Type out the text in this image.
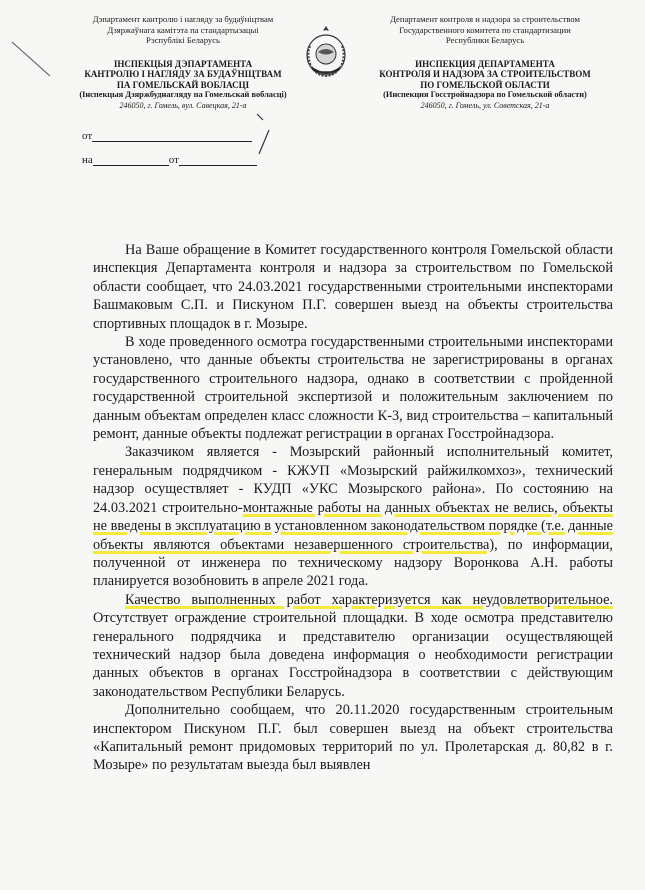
Дэпартамент кантролю і нагляду за будаўніцтвам
Дзяржаўнага камітэта па стандартызацыі
Рэспублікі Беларусь
ІНСПЕКЦЫЯ ДЭПАРТАМЕНТА
КАНТРОЛЮ І НАГЛЯДУ ЗА БУДАЎНІЦТВАМ
ПА ГОМЕЛЬСКАЙ ВОБЛАСЦІ
(Інспекцыя Дзяржбуднагляду па Гомельскай вобласці)
246050, г. Гомель, вул. Савецкая, 21-а
Департамент контроля и надзора за строительством
Государственного комитета по стандартизации
Республики Беларусь
ИНСПЕКЦИЯ ДЕПАРТАМЕНТА
КОНТРОЛЯ И НАДЗОРА ЗА СТРОИТЕЛЬСТВОМ
ПО ГОМЕЛЬСКОЙ ОБЛАСТИ
(Инспекция Госстройнадзора по Гомельской области)
246050, г. Гомель, ул. Советская, 21-а
от
на	от

На Ваше обращение в Комитет государственного контроля Гомельской области инспекция Департамента контроля и надзора за строительством по Гомельской области сообщает, что 24.03.2021 государственными строительными инспекторами Башмаковым С.П. и Пискуном П.Г. совершен выезд на объекты строительства спортивных площадок в г. Мозыре.

В ходе проведенного осмотра государственными строительными инспекторами установлено, что данные объекты строительства не зарегистрированы в органах государственного строительного надзора, однако в соответствии с пройденной государственной строительной экспертизой и положительным заключением по данным объектам определен класс сложности К-3, вид строительства – капитальный ремонт, данные объекты подлежат регистрации в органах Госстройнадзора.

Заказчиком является - Мозырский районный исполнительный комитет, генеральным подрядчиком - КЖУП «Мозырский райжилкомхоз», технический надзор осуществляет - КУДП «УКС Мозырского района». По состоянию на 24.03.2021 строительно-монтажные работы на данных объектах не велись, объекты не введены в эксплуатацию в установленном законодательством порядке (т.е. данные объекты являются объектами незавершенного строительства), по информации, полученной от инженера по техническому надзору Воронкова А.Н. работы планируется возобновить в апреле 2021 года.

Качество выполненных работ характеризуется как неудовлетворительное. Отсутствует ограждение строительной площадки. В ходе осмотра представителю генерального подрядчика и представителю организации осуществляющей технический надзор была доведена информация о необходимости регистрации данных объектов в органах Госстройнадзора в соответствии с действующим законодательством Республики Беларусь.

Дополнительно сообщаем, что 20.11.2020 государственным строительным инспектором Пискуном П.Г. был совершен выезд на объект строительства «Капитальный ремонт придомовых территорий по ул. Пролетарская д. 80,82 в г. Мозыре» по результатам выезда был выявлен
